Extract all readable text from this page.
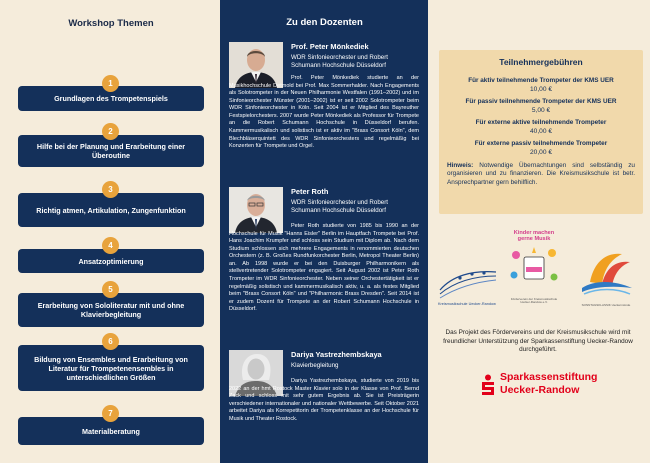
Workshop Themen
1
Grundlagen des Trompetenspiels
2
Hilfe bei der Planung und Erarbeitung einer Überoutine
3
Richtig atmen, Artikulation, Zungenfunktion
4
Ansatzoptimierung
5
Erarbeitung von Sololiteratur mit und ohne Klavierbegleitung
6
Bildung von Ensembles und Erarbeitung von Literatur für Trompetenensembles in unterschiedlichen Größen
7
Materialberatung
Zu den Dozenten
Prof. Peter Mönkediek
WDR Sinfonieorchester und Robert Schumann Hochschule Düsseldorf
Prof. Peter Mönkediek studierte an der Musikhochschule Detmold bei Prof. Max Sommerhalder. Nach Engagements als Solotrompeter in der Neuen Philharmonie Westfalen (1991–2002) und im Sinfonieorchester Münster (2001–2002) ist er seit 2002 Solotrompeter beim WDR Sinfonieorchester in Köln. Seit 2004 ist er Mitglied des Bayreuther Festspielorchesters. 2007 wurde Peter Mönkediek als Professor für Trompete an die Robert Schumann Hochschule in Düsseldorf berufen. Kammermusikalisch und solistisch ist er aktiv im "Brass Consort Köln", dem Blechbläserquintett des WDR Sinfonieorchesters und regelmäßig bei Konzerten für Trompete und Orgel.
Peter Roth
WDR Sinfonieorchester und Robert Schumann Hochschule Düsseldorf
Peter Roth studierte von 1985 bis 1990 an der Hochschule für Musik "Hanns Eisler" Berlin im Hauptfach Trompete bei Prof. Hans Joachim Krumpfer und schloss sein Studium mit Diplom ab. Nach dem Studium schlossen sich mehrere Engagements in renommierten deutschen Orchestern (z. B. Großes Rundfunkorchester Berlin, Metropol Theater Berlin) an. Ab 1998 wurde er bei den Duisburger Philharmonikern als stellvertretender Solotrompeter engagiert. Seit August 2002 ist Peter Roth Trompeter im WDR Sinfonieorchester. Neben seiner Orchestertätigkeit ist er regelmäßig solistisch und kammermusikalisch aktiv, u. a. als festes Mitglied beim "Brass Consort Köln" und "Philharmonic Brass Dresden". Seit 2014 ist er zudem Dozent für Trompete an der Robert Schumann Hochschule in Düsseldorf.
Dariya Yastrezhembskaya
Klavierbegleitung
Dariya Yastrezhembskaya, studierte von 2019 bis 2022 an der hmt Rostock Master Klavier solo in der Klasse von Prof. Bernd Zack und schloss mit sehr gutem Ergebnis ab. Sie ist Preisträgerin verschiedener internationaler und nationaler Wettbewerbe. Seit Oktober 2021 arbeitet Dariya als Korrepetitorin der Trompetenklasse an der Hochschule für Musik und Theater Rostock.
Teilnehmergebühren
Für aktiv teilnehmende Trompeter der KMS UER
10,00 €
Für passiv teilnehmende Trompeter der KMS UER
5,00 €
Für externe aktive teilnehmende Trompeter
40,00 €
Für externe passiv teilnehmende Trompeter
20,00 €
Hinweis: Notwendige Übernachtungen sind selbständig zu organisieren und zu finanzieren. Die Kreismusikschule ist betr. Ansprechpartner gern behilflich.
Kreismusikschule Uecker-Randow
Kinder machen gerne Musik
Förderverein der Kreismusikschule Uecker-Randow e.V.
SONNTAGSKLASSIK Ueckermünde
Das Projekt des Fördervereins und der Kreismusikschule wird mit freundlicher Unterstützung der Sparkassenstiftung Uecker-Randow durchgeführt.
Sparkassenstiftung
Uecker-Randow
